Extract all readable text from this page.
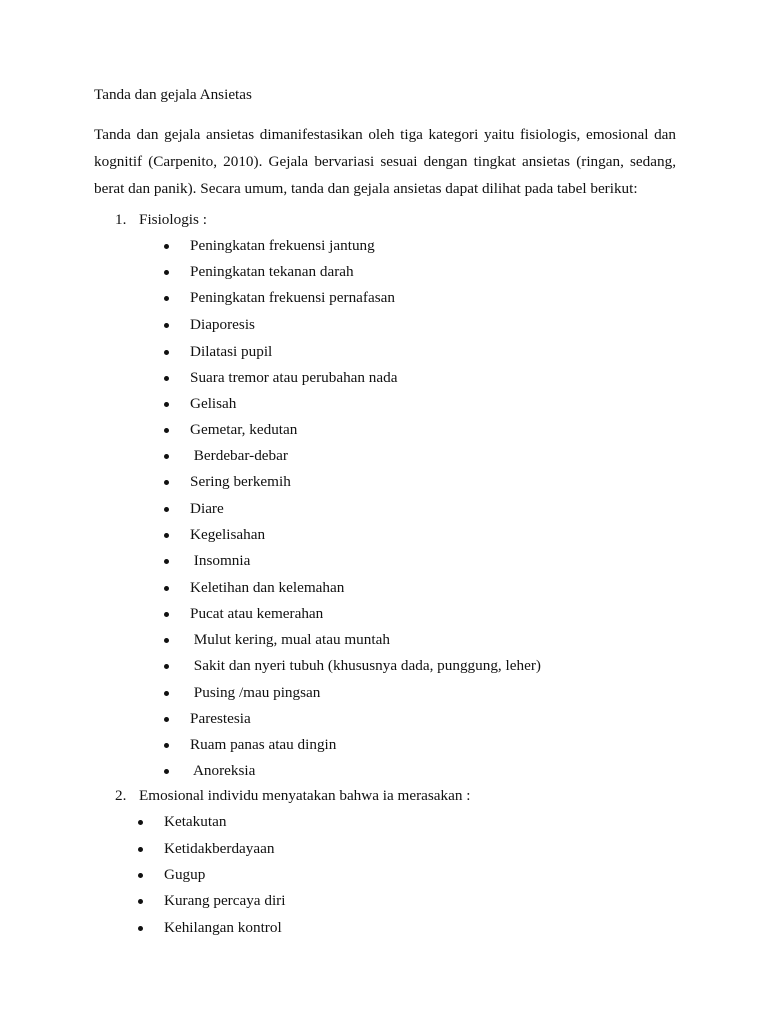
Tanda dan gejala Ansietas
Tanda dan gejala ansietas dimanifestasikan oleh tiga kategori yaitu fisiologis, emosional dan
kognitif (Carpenito, 2010). Gejala bervariasi sesuai dengan tingkat ansietas (ringan, sedang,
berat dan panik). Secara umum, tanda dan gejala ansietas dapat dilihat pada tabel berikut:
1. Fisiologis :
Peningkatan frekuensi jantung
Peningkatan tekanan darah
Peningkatan frekuensi pernafasan
Diaporesis
Dilatasi pupil
Suara tremor atau perubahan nada
Gelisah
Gemetar, kedutan
Berdebar-debar
Sering berkemih
Diare
Kegelisahan
Insomnia
Keletihan dan kelemahan
Pucat atau kemerahan
Mulut kering, mual atau muntah
Sakit dan nyeri tubuh (khususnya dada, punggung, leher)
Pusing /mau pingsan
Parestesia
Ruam panas atau dingin
Anoreksia
2. Emosional individu menyatakan bahwa ia merasakan :
Ketakutan
Ketidakberdayaan
Gugup
Kurang percaya diri
Kehilangan kontrol
